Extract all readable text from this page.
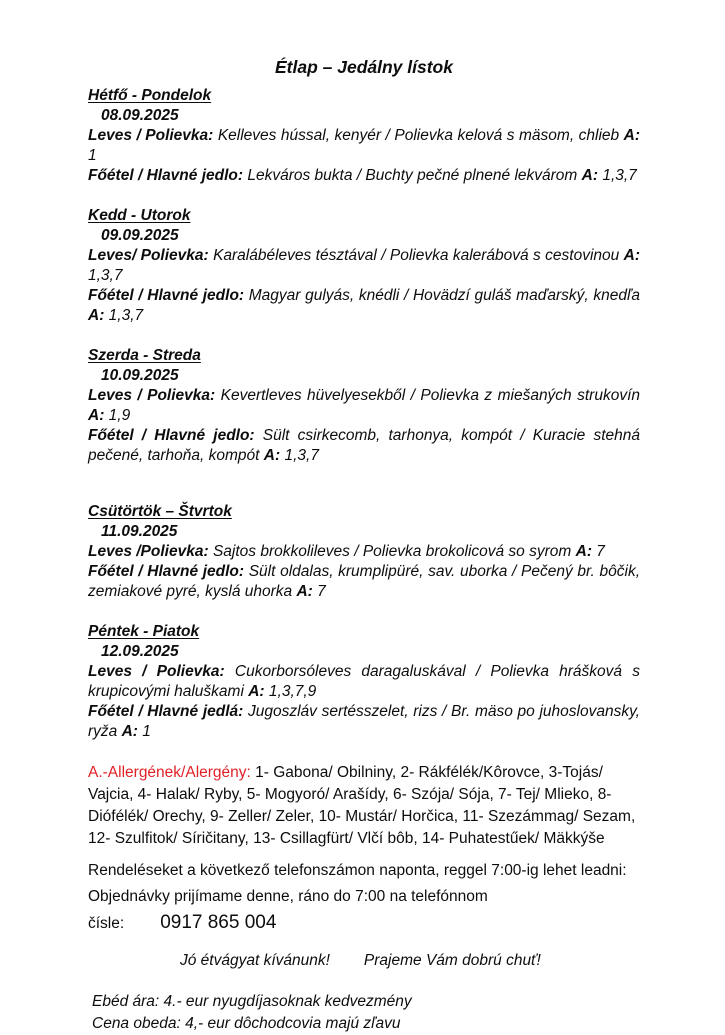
Étlap – Jedálny lístok
Hétfő - Pondelok
08.09.2025

Leves / Polievka: Kelleves hússal, kenyér / Polievka kelová s mäsom, chlieb A: 1

Főétel / Hlavné jedlo: Lekváros bukta / Buchty pečné plnené lekvárom A: 1,3,7

Kedd - Utorok
09.09.2025

Leves/ Polievka: Karalábéleves tésztával / Polievka kalerábová s cestovinou A: 1,3,7

Főétel / Hlavné jedlo: Magyar gulyás, knédli / Hovädzí guláš maďarský, knedľa A: 1,3,7

Szerda - Streda
10.09.2025

Leves / Polievka: Kevertleves hüvelyesekből / Polievka z miešaných strukovín A: 1,9

Főétel / Hlavné jedlo: Sült csirkecomb, tarhonya, kompót / Kuracie stehná pečené, tarhoňa, kompót A: 1,3,7

Csütörtök – Štvrtok
11.09.2025

Leves /Polievka: Sajtos brokkolileves / Polievka brokolicová so syrom A: 7

Főétel / Hlavné jedlo: Sült oldalas, krumplipüré, sav. uborka / Pečený br. bôčik, zemiakové pyré, kyslá uhorka A: 7

Péntek - Piatok
12.09.2025

Leves / Polievka: Cukorborsóleves daragaluskával / Polievka hrášková s krupicovými haluškami A: 1,3,7,9

Főétel / Hlavné jedlá: Jugoszláv sertésszelet, rizs / Br. mäso po juhoslovansky, ryža A: 1

A.-Allergének/Alergény: 1- Gabona/ Obilniny, 2- Rákfélék/Kôrovce, 3-Tojás/ Vajcia, 4- Halak/ Ryby, 5- Mogyoró/ Arašídy, 6- Szója/ Sója, 7- Tej/ Mlieko, 8- Diófélék/ Orechy, 9- Zeller/ Zeler, 10- Mustár/ Horčica, 11- Szezámmag/ Sezam, 12- Szulfitok/ Síričitany, 13- Csillagfürt/ Vlčí bôb, 14- Puhatestűek/ Mäkkýše

Rendeléseket a következő telefonszámon naponta, reggel 7:00-ig lehet leadni:
Objednávky prijímame denne, ráno do 7:00 na telefónnom čísle: 0917 865 004

Jó étvágyat kívánunk! Prajeme Vám dobrú chuť!

Ebéd ára: 4.- eur nyugdíjasoknak kedvezmény
Cena obeda: 4,- eur dôchodcovia majú zľavu
